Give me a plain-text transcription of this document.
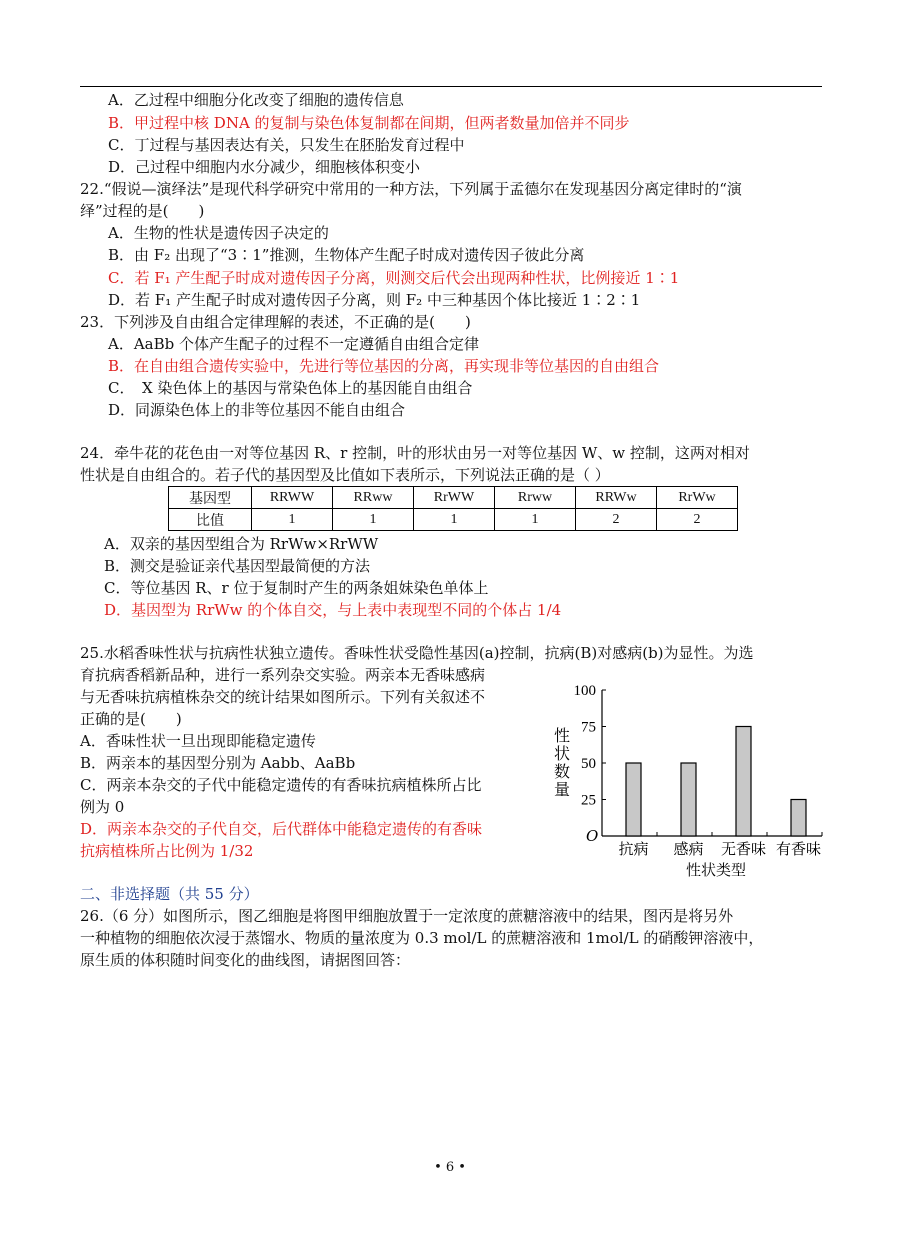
A．乙过程中细胞分化改变了细胞的遗传信息
B．甲过程中核 DNA 的复制与染色体复制都在间期，但两者数量加倍并不同步
C．丁过程与基因表达有关，只发生在胚胎发育过程中
D．己过程中细胞内水分减少，细胞核体积变小
22.“假说—演绎法”是现代科学研究中常用的一种方法，下列属于孟德尔在发现基因分离定律时的“演
绎”过程的是(　　)
A．生物的性状是遗传因子决定的
B．由 F₂ 出现了“3∶1”推测，生物体产生配子时成对遗传因子彼此分离
C．若 F₁ 产生配子时成对遗传因子分离，则测交后代会出现两种性状，比例接近 1∶1
D．若 F₁ 产生配子时成对遗传因子分离，则 F₂ 中三种基因个体比接近 1∶2∶1
23．下列涉及自由组合定律理解的表述，不正确的是(　　)
A．AaBb 个体产生配子的过程不一定遵循自由组合定律
B．在自由组合遗传实验中，先进行等位基因的分离，再实现非等位基因的自由组合
C．　X 染色体上的基因与常染色体上的基因能自由组合
D．同源染色体上的非等位基因不能自由组合
24．牵牛花的花色由一对等位基因 R、r 控制，叶的形状由另一对等位基因 W、w 控制，这两对相对
性状是自由组合的。若子代的基因型及比值如下表所示，下列说法正确的是（ ）
基因型	RRWW	RRww	RrWW	Rrww	RRWw	RrWw
比值	1	1	1	1	2	2
A．双亲的基因型组合为 RrWw×RrWW
B．测交是验证亲代基因型最简便的方法
C．等位基因 R、r 位于复制时产生的两条姐妹染色单体上
D．基因型为 RrWw 的个体自交，与上表中表现型不同的个体占 1/4
25.水稻香味性状与抗病性状独立遗传。香味性状受隐性基因(a)控制，抗病(B)对感病(b)为显性。为选
育抗病香稻新品种，进行一系列杂交实验。两亲本无香味感病
与无香味抗病植株杂交的统计结果如图所示。下列有关叙述不
正确的是(　　)
A．香味性状一旦出现即能稳定遗传
B．两亲本的基因型分别为 Aabb、AaBb
C．两亲本杂交的子代中能稳定遗传的有香味抗病植株所占比
例为 0
D．两亲本杂交的子代自交，后代群体中能稳定遗传的有香味
抗病植株所占比例为 1/32
100
75
50
25
抗病 感病 无香味 有香味
性
状
数
量
O
性状类型
二、非选择题（共 55 分）
26.（6 分）如图所示，图乙细胞是将图甲细胞放置于一定浓度的蔗糖溶液中的结果，图丙是将另外
一种植物的细胞依次浸于蒸馏水、物质的量浓度为 0.3 mol/L 的蔗糖溶液和 1mol/L 的硝酸钾溶液中，
原生质的体积随时间变化的曲线图，请据图回答：
• 6 •
